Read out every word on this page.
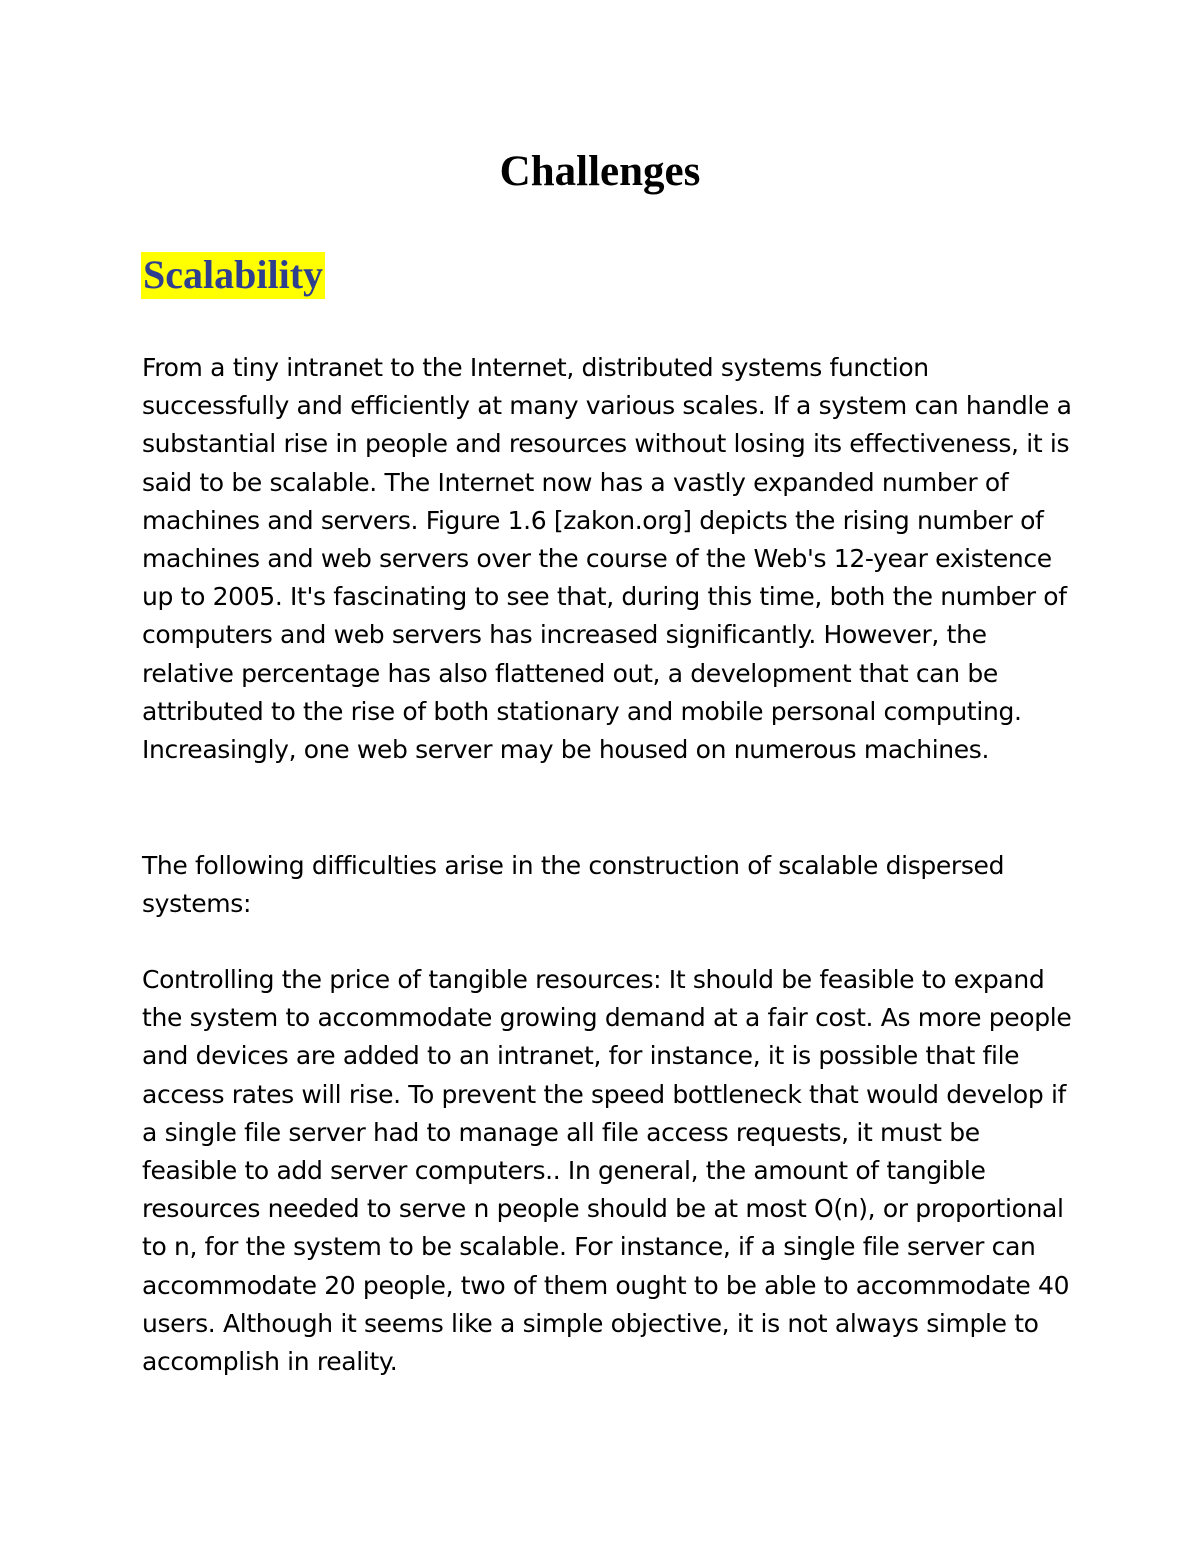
Challenges
Scalability

From a tiny intranet to the Internet, distributed systems function successfully and efficiently at many various scales. If a system can handle a substantial rise in people and resources without losing its effectiveness, it is said to be scalable. The Internet now has a vastly expanded number of machines and servers. Figure 1.6 [zakon.org] depicts the rising number of machines and web servers over the course of the Web's 12-year existence up to 2005. It's fascinating to see that, during this time, both the number of computers and web servers has increased significantly. However, the relative percentage has also flattened out, a development that can be attributed to the rise of both stationary and mobile personal computing. Increasingly, one web server may be housed on numerous machines.

The following difficulties arise in the construction of scalable dispersed systems:

Controlling the price of tangible resources: It should be feasible to expand the system to accommodate growing demand at a fair cost. As more people and devices are added to an intranet, for instance, it is possible that file access rates will rise. To prevent the speed bottleneck that would develop if a single file server had to manage all file access requests, it must be feasible to add server computers.. In general, the amount of tangible resources needed to serve n people should be at most O(n), or proportional to n, for the system to be scalable. For instance, if a single file server can accommodate 20 people, two of them ought to be able to accommodate 40 users. Although it seems like a simple objective, it is not always simple to accomplish in reality.
